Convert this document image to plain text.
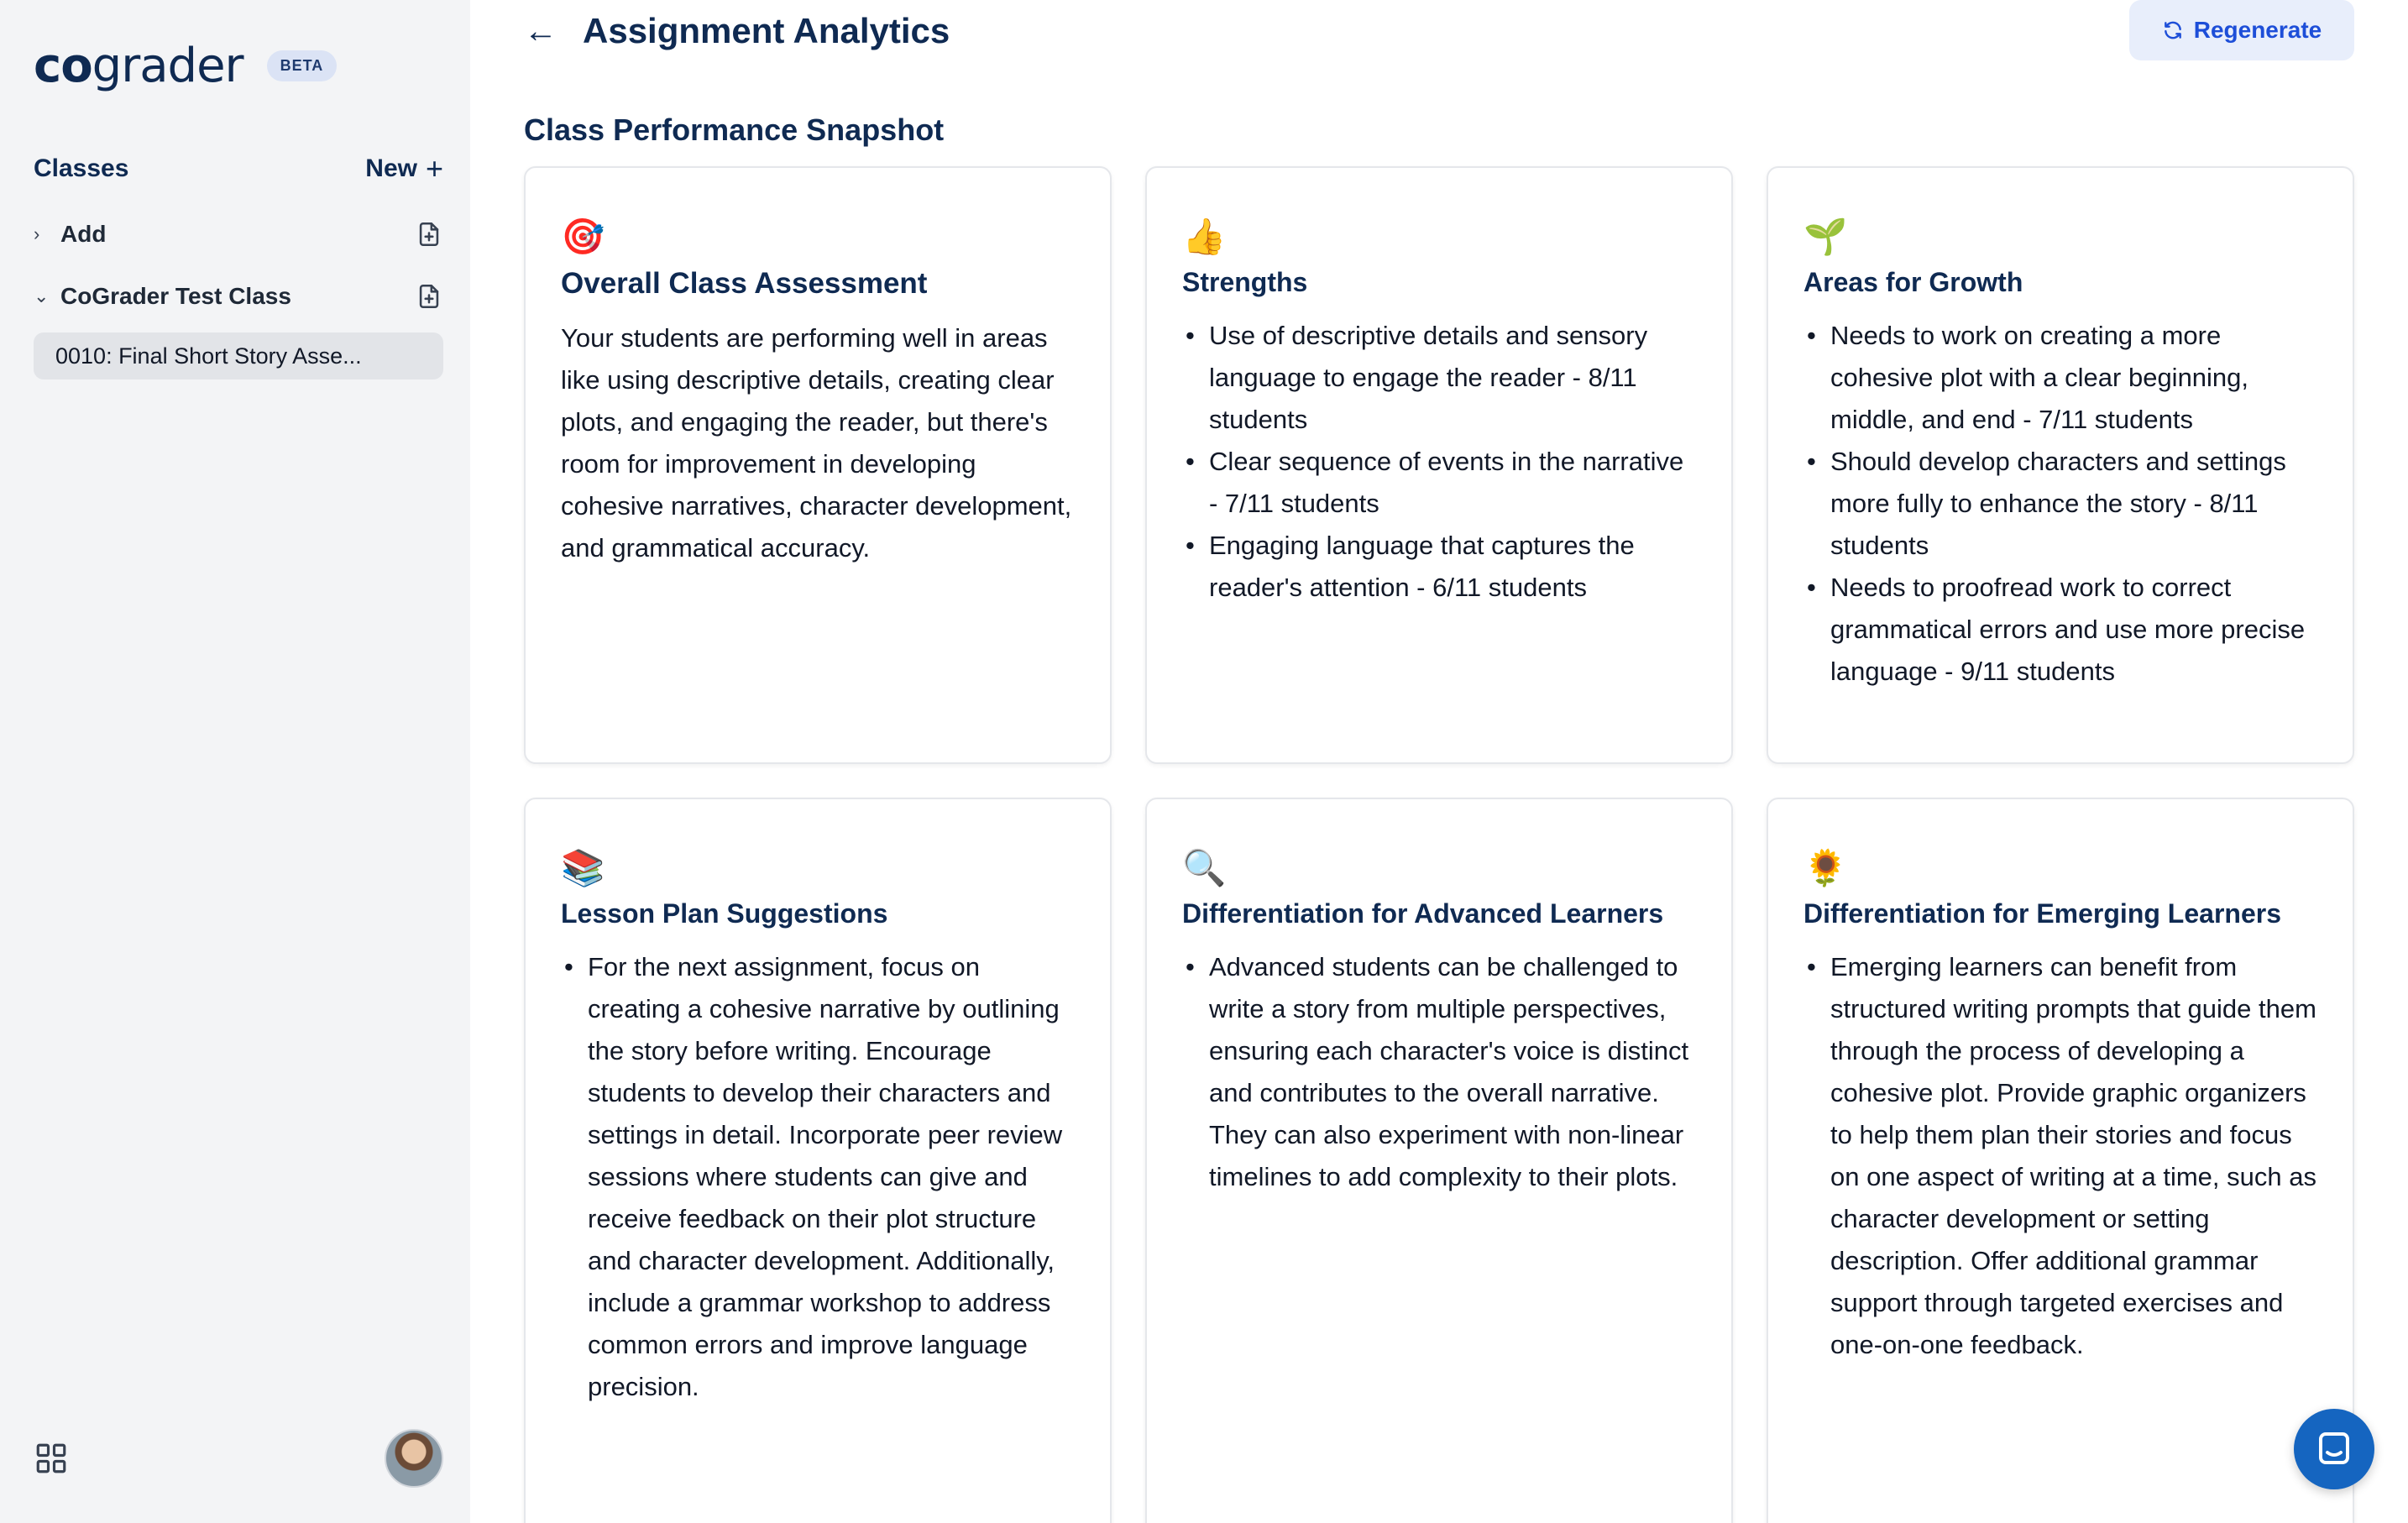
cograder	BETA
Classes	New +
› Add
⌄ CoGrader Test Class
0010: Final Short Story Asse...
← Assignment Analytics	Regenerate
Class Performance Snapshot
🎯
Overall Class Assessment

Your students are performing well in areas like using descriptive details, creating clear plots, and engaging the reader, but there's room for improvement in developing cohesive narratives, character development, and grammatical accuracy.

👍
Strengths
• Use of descriptive details and sensory language to engage the reader - 8/11 students
• Clear sequence of events in the narrative - 7/11 students
• Engaging language that captures the reader's attention - 6/11 students
🌱
Areas for Growth
• Needs to work on creating a more cohesive plot with a clear beginning, middle, and end - 7/11 students
• Should develop characters and settings more fully to enhance the story - 8/11 students
• Needs to proofread work to correct grammatical errors and use more precise language - 9/11 students
📚
Lesson Plan Suggestions
• For the next assignment, focus on creating a cohesive narrative by outlining the story before writing. Encourage students to develop their characters and settings in detail. Incorporate peer review sessions where students can give and receive feedback on their plot structure and character development. Additionally, include a grammar workshop to address common errors and improve language precision.
🔍
Differentiation for Advanced Learners
• Advanced students can be challenged to write a story from multiple perspectives, ensuring each character's voice is distinct and contributes to the overall narrative. They can also experiment with non-linear timelines to add complexity to their plots.
🌻
Differentiation for Emerging Learners
• Emerging learners can benefit from structured writing prompts that guide them through the process of developing a cohesive plot. Provide graphic organizers to help them plan their stories and focus on one aspect of writing at a time, such as character development or setting description. Offer additional grammar support through targeted exercises and one-on-one feedback.
